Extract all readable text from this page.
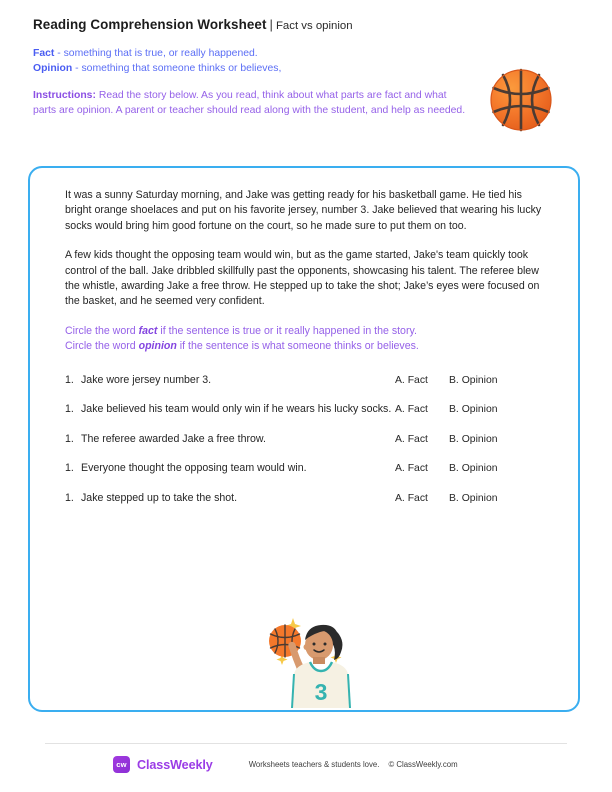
Reading Comprehension Worksheet | Fact vs opinion
Fact - something that is true, or really happened.
Opinion - something that someone thinks or believes,
Instructions: Read the story below. As you read, think about what parts are fact and what parts are opinion. A parent or teacher should read along with the student, and help as needed.

It was a sunny Saturday morning, and Jake was getting ready for his basketball game. He tied his bright orange shoelaces and put on his favorite jersey, number 3. Jake believed that wearing his lucky socks would bring him good fortune on the court, so he made sure to put them on too.

A few kids thought the opposing team would win, but as the game started, Jake's team quickly took control of the ball. Jake dribbled skillfully past the opponents, showcasing his talent. The referee blew the whistle, awarding Jake a free throw. He stepped up to take the shot; Jake’s eyes were focused on the basket, and he seemed very confident.

Circle the word fact if the sentence is true or it really happened in the story.
Circle the word opinion if the sentence is what someone thinks or believes.
1. Jake wore jersey number 3.	A. Fact	B. Opinion
1. Jake believed his team would only win if he wears his lucky socks. A. Fact	B. Opinion
1. The referee awarded Jake a free throw.	A. Fact	B. Opinion
1. Everyone thought the opposing team would win.	A. Fact	B. Opinion
1. Jake stepped up to take the shot.	A. Fact	B. Opinion
3
cw ClassWeekly	Worksheets teachers & students love. © ClassWeekly.com
